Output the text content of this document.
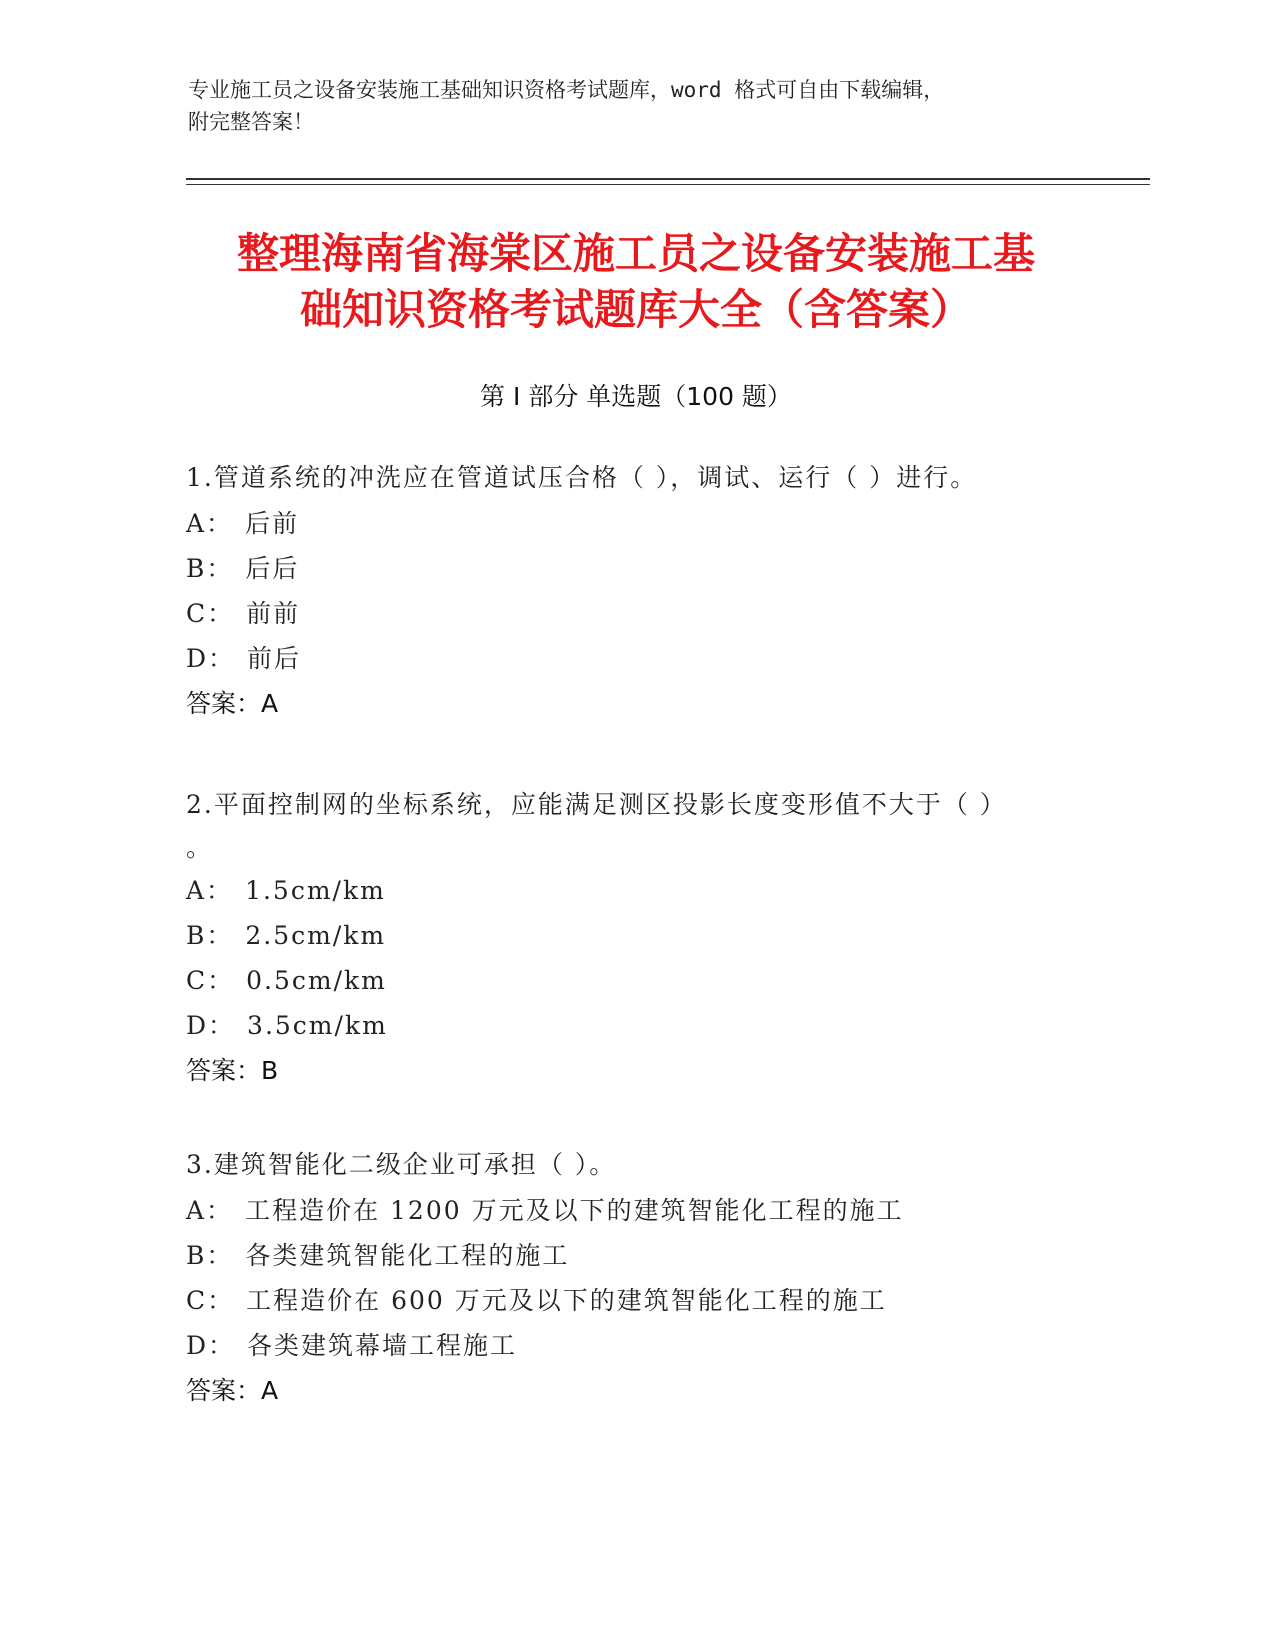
专业施工员之设备安装施工基础知识资格考试题库，word 格式可自由下载编辑，
附完整答案！
整理海南省海棠区施工员之设备安装施工基
础知识资格考试题库大全（含答案）
第 I 部分 单选题（100 题）
1.管道系统的冲洗应在管道试压合格（ ），调试、运行（ ）进行。
A： 后前
B： 后后
C： 前前
D： 前后
答案：A
2.平面控制网的坐标系统，应能满足测区投影长度变形值不大于（ ）
。
A： 1.5cm/km
B： 2.5cm/km
C： 0.5cm/km
D： 3.5cm/km
答案：B
3.建筑智能化二级企业可承担（ ）。
A： 工程造价在 1200 万元及以下的建筑智能化工程的施工
B： 各类建筑智能化工程的施工
C： 工程造价在 600 万元及以下的建筑智能化工程的施工
D： 各类建筑幕墙工程施工
答案：A
